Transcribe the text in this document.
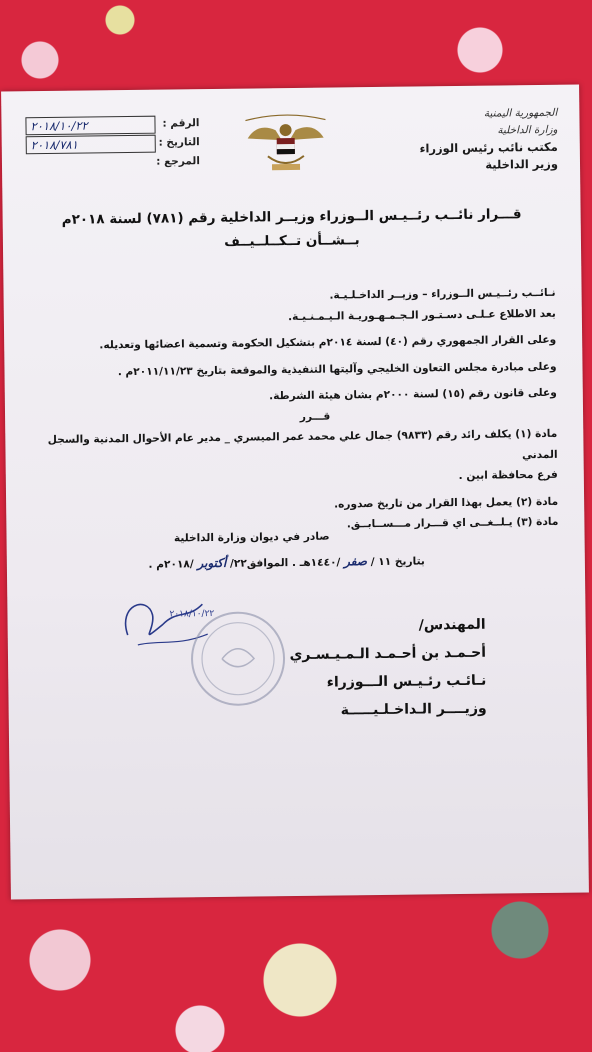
الجمهورية اليمنية
وزارة الداخلية
مكتب نائب رئيس الوزراء
وزير الداخلية
الرقم :
٢٠١٨/١٠/٢٢
التاريخ :
٢٠١٨/٧٨١
المرجع :
قـــرار نائــب رئــيـس الــوزراء وزيــر الداخلية رقم (٧٨١) لسنة ٢٠١٨م
بــشــأن تــكــلــيــف

نـائــب رئــيـس الــوزراء – وزيــر الداخـلـيـة.

بعد الاطلاع عـلـى دسـتـور الـجـمـهـوريـة الـيـمـنـيـة.

وعلى القرار الجمهوري رقم (٤٠) لسنة ٢٠١٤م بتشكيل الحكومة وتسمية اعضائها وتعديله.

وعلى مبادرة مجلس التعاون الخليجي وآليتها التنفيذية والموقعة بتاريخ ٢٠١١/١١/٢٣م .

وعلى قانون رقم (١٥) لسنة ٢٠٠٠م بشان هيئة الشرطة.

قـــرر

مادة (١) يكلف رائد رقم (٩٨٣٣) جمال علي محمد عمر الميسري _ مدير عام الأحوال المدنية والسجل المدني

فرع محافظة ابين .

مادة (٢) يعمل بهذا القرار من تاريخ صدوره.

مادة (٣) يـلــغــى اي قـــرار مـــســابــق.

صادر في ديوان وزارة الداخلية
بتاريخ ١١ / صفر /١٤٤٠هـ . الموافق٢٢/ أكتوبر /٢٠١٨م .
٢٠١٨/١٠/٢٢
المهندس/
أحـمـد بن أحـمـد الـمـيـسـري
نـائـب رئـيـس الـــوزراء
وزيــــر الـداخـلـيـــــة
